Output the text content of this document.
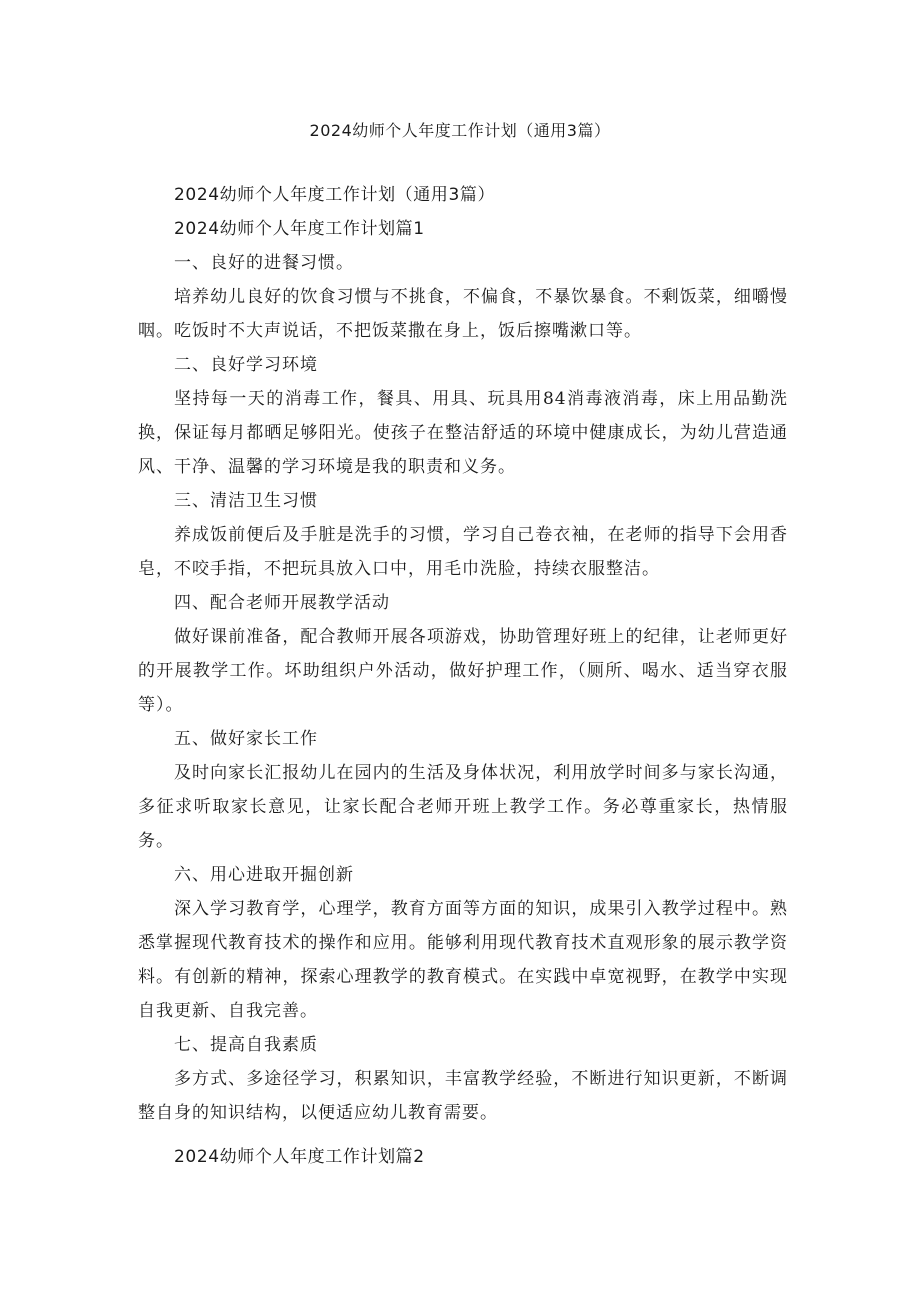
2024幼师个人年度工作计划（通用3篇）
2024幼师个人年度工作计划（通用3篇）
2024幼师个人年度工作计划篇1
一、良好的进餐习惯。
培养幼儿良好的饮食习惯与不挑食，不偏食，不暴饮暴食。不剩饭菜，细嚼慢咽。吃饭时不大声说话，不把饭菜撒在身上，饭后擦嘴漱口等。
二、良好学习环境
坚持每一天的消毒工作，餐具、用具、玩具用84消毒液消毒，床上用品勤洗换，保证每月都晒足够阳光。使孩子在整洁舒适的环境中健康成长，为幼儿营造通风、干净、温馨的学习环境是我的职责和义务。
三、清洁卫生习惯
养成饭前便后及手脏是洗手的习惯，学习自己卷衣袖，在老师的指导下会用香皂，不咬手指，不把玩具放入口中，用毛巾洗脸，持续衣服整洁。
四、配合老师开展教学活动
做好课前准备，配合教师开展各项游戏，协助管理好班上的纪律，让老师更好的开展教学工作。坏助组织户外活动，做好护理工作，（厕所、喝水、适当穿衣服等）。
五、做好家长工作
及时向家长汇报幼儿在园内的生活及身体状况，利用放学时间多与家长沟通，多征求听取家长意见，让家长配合老师开班上教学工作。务必尊重家长，热情服务。
六、用心进取开掘创新
深入学习教育学，心理学，教育方面等方面的知识，成果引入教学过程中。熟悉掌握现代教育技术的操作和应用。能够利用现代教育技术直观形象的展示教学资料。有创新的精神，探索心理教学的教育模式。在实践中卓宽视野，在教学中实现自我更新、自我完善。
七、提高自我素质
多方式、多途径学习，积累知识，丰富教学经验，不断进行知识更新，不断调整自身的知识结构，以便适应幼儿教育需要。
2024幼师个人年度工作计划篇2
